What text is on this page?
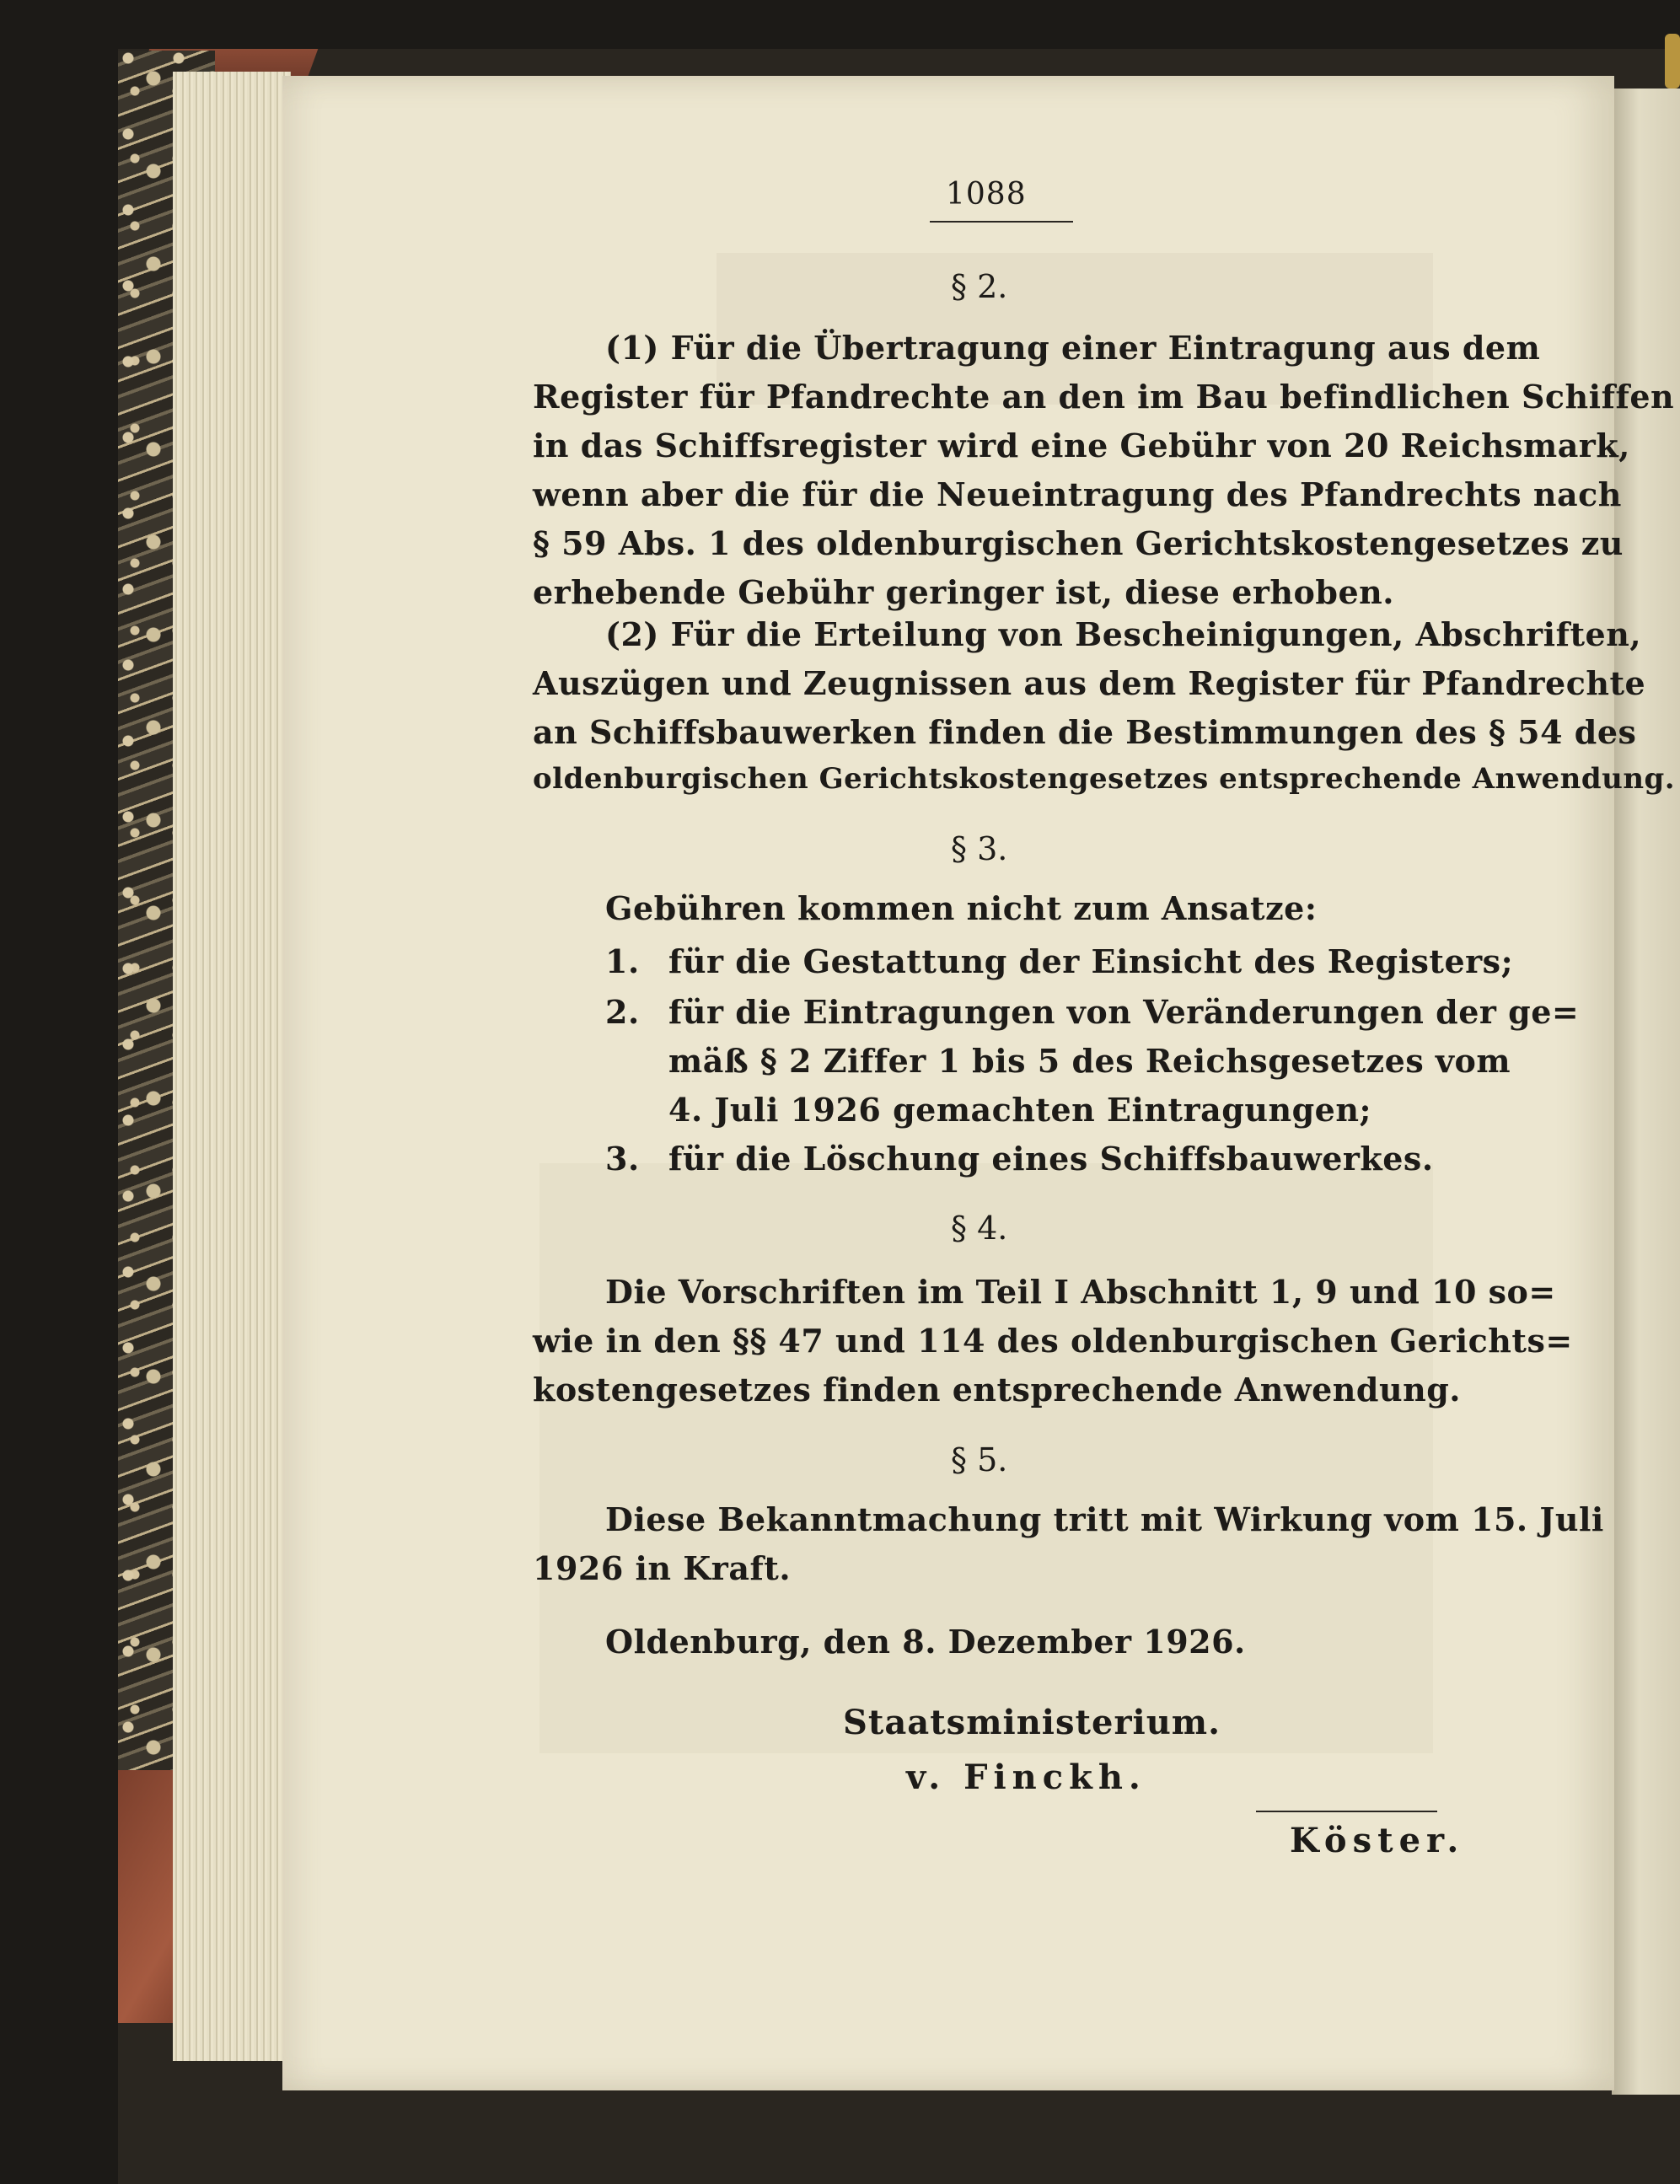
1088
§ 2.
(1) Für die Übertragung einer Eintragung aus dem
Register für Pfandrechte an den im Bau befindlichen Schiffen
in das Schiffsregister wird eine Gebühr von 20 Reichsmark,
wenn aber die für die Neueintragung des Pfandrechts nach
§ 59 Abs. 1 des oldenburgischen Gerichtskostengesetzes zu
erhebende Gebühr geringer ist, diese erhoben.
(2) Für die Erteilung von Bescheinigungen, Abschriften,
Auszügen und Zeugnissen aus dem Register für Pfandrechte
an Schiffsbauwerken finden die Bestimmungen des § 54 des
oldenburgischen Gerichtskostengesetzes entsprechende Anwendung.
§ 3.
Gebühren kommen nicht zum Ansatze:
1. für die Gestattung der Einsicht des Registers;
2. für die Eintragungen von Veränderungen der ge=
mäß § 2 Ziffer 1 bis 5 des Reichsgesetzes vom
4. Juli 1926 gemachten Eintragungen;
3. für die Löschung eines Schiffsbauwerkes.
§ 4.
Die Vorschriften im Teil I Abschnitt 1, 9 und 10 so=
wie in den §§ 47 und 114 des oldenburgischen Gerichts=
kostengesetzes finden entsprechende Anwendung.
§ 5.
Diese Bekanntmachung tritt mit Wirkung vom 15. Juli
1926 in Kraft.
Oldenburg, den 8. Dezember 1926.
Staatsministerium.
v. Finckh.
Köster.
